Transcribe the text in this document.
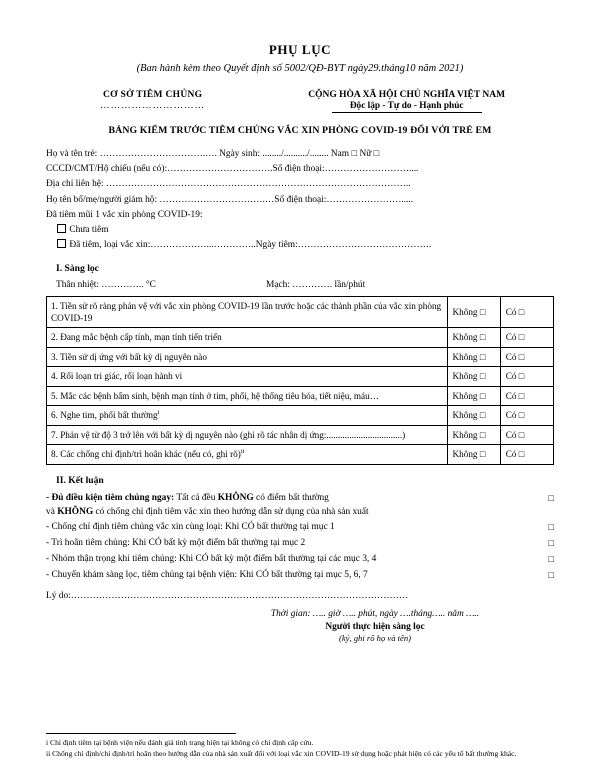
PHỤ LỤC
(Ban hành kèm theo Quyết định số 5002/QĐ-BYT ngày29.tháng10 năm 2021)
CƠ SỞ TIÊM CHỦNG
…………………………
CỘNG HÒA XÃ HỘI CHỦ NGHĨA VIỆT NAM
Độc lập - Tự do - Hạnh phúc
BẢNG KIỂM TRƯỚC TIÊM CHỦNG VẮC XIN PHÒNG COVID-19 ĐỐI VỚI TRẺ EM
Họ và tên trẻ: …………………………….…. Ngày sinh: ......../........../........ Nam □ Nữ □
CCCD/CMT/Hộ chiếu (nếu có):…………………………….Số điện thoại:………………………....
Địa chỉ liên hệ: ……………………………………………………………………………………..
Họ tên bố/mẹ/người giám hộ: …………………………….…Số điện thoại:…………………….....
Đã tiêm mũi 1 vắc xin phòng COVID-19:
Chưa tiêm
Đã tiêm, loại vắc xin:………………...…………..Ngày tiêm:…………………………………….
I. Sàng lọc
Thân nhiệt: ………….. °C	Mạch: …………. lần/phút
1. Tiền sử rõ ràng phản vệ với vắc xin phòng COVID-19 lần trước hoặc các thành phần của vắc xin phòng COVID-19	Không □	Có □
2. Đang mắc bệnh cấp tính, mạn tính tiến triển	Không □	Có □
3. Tiền sử dị ứng với bất kỳ dị nguyên nào	Không □	Có □
4. Rối loạn tri giác, rối loạn hành vi	Không □	Có □
5. Mắc các bệnh bẩm sinh, bệnh mạn tính ở tim, phổi, hệ thống tiêu hóa, tiết niệu, máu…	Không □	Có □
6. Nghe tim, phổi bất thường$^i$	Không □	Có □
7. Phản vệ từ độ 3 trở lên với bất kỳ dị nguyên nào (ghi rõ tác nhân dị ứng:.................................)	Không □	Có □
8. Các chống chỉ định/trì hoãn khác (nếu có, ghi rõ)$^{ii}$	Không □	Có □
II. Kết luận
- Đủ điều kiện tiêm chủng ngay: Tất cả đều KHÔNG có điểm bất thường
và KHÔNG có chống chỉ định tiêm vắc xin theo hướng dẫn sử dụng của nhà sản xuất
□
- Chống chỉ định tiêm chủng vắc xin cùng loại: Khi CÓ bất thường tại mục 1	□
- Trì hoãn tiêm chủng: Khi CÓ bất kỳ một điểm bất thường tại mục 2	□
- Nhóm thận trọng khi tiêm chủng: Khi CÓ bất kỳ một điểm bất thường tại các mục 3, 4	□
- Chuyển khám sàng lọc, tiêm chủng tại bệnh viện: Khi CÓ bất thường tại mục 5, 6, 7	□
Lý do:………………………………………………………………………………………………
Thời gian: ….. giờ ….. phút, ngày ….tháng….. năm …..
Người thực hiện sàng lọc
(ký, ghi rõ họ và tên)
i Chỉ định tiêm tại bệnh viện nếu đánh giá tình trạng hiện tại không có chỉ định cấp cứu.
ii Chống chỉ định/chỉ định/trì hoãn theo hướng dẫn của nhà sản xuất đối với loại vắc xin COVID-19 sử dụng hoặc phát hiện có các yếu tố bất thường khác.
